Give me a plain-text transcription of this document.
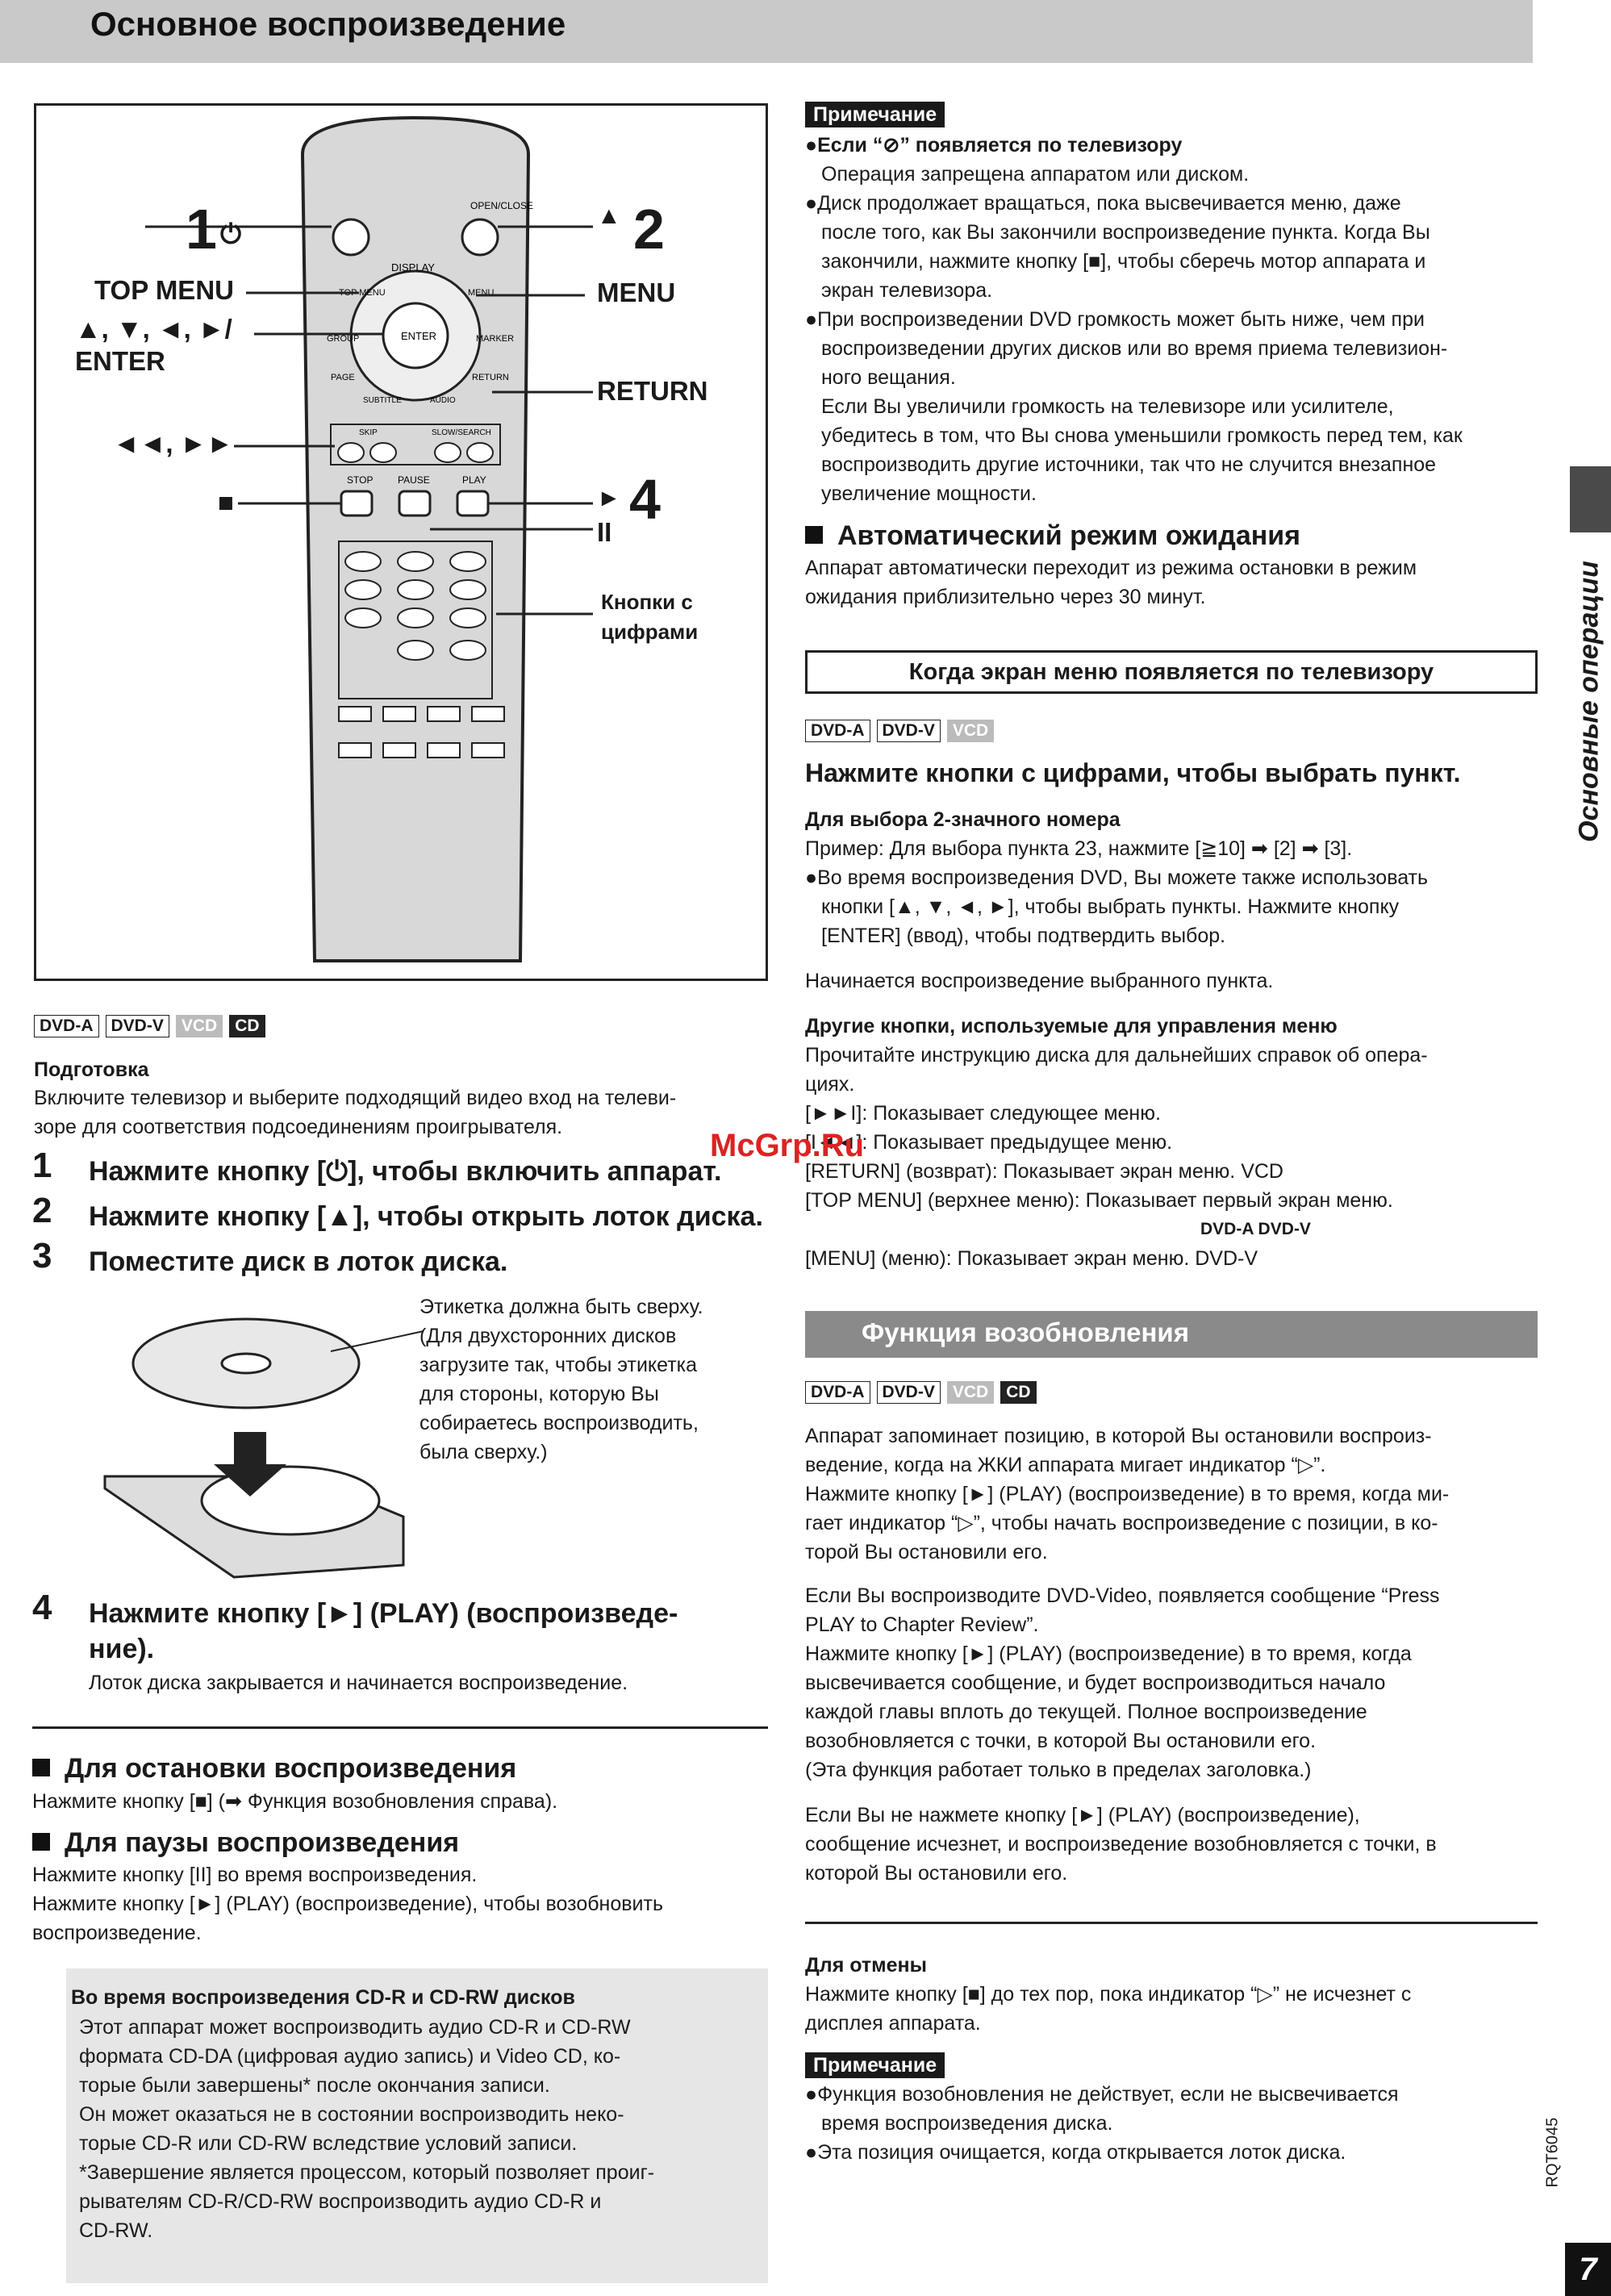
Основное воспроизведение
OPEN/CLOSE
ENTER
DISPLAY
TOP MENU	MENU
GROUP	MARKER
PAGE	RETURN
SUBTITLE	AUDIO
SKIP	SLOW/SEARCH
STOP	PAUSE	PLAY
1 ⏻
▲ 2
TOP MENU	MENU
▲, ▼, ◄, ►/
ENTER
RETURN
◄◄, ►►
■	► 4
II
Кнопки с
цифрами
DVD-A DVD-V VCD CD
Подготовка
Включите телевизор и выберите подходящий видео вход на телеви-
зоре для соответствия подсоединениям проигрывателя.
1 Нажмите кнопку [⏻], чтобы включить аппарат.
2 Нажмите кнопку [▲], чтобы открыть лоток диска.
3 Поместите диск в лоток диска.
Этикетка должна быть сверху.
(Для двухсторонних дисков
загрузите так, чтобы этикетка
для стороны, которую Вы
собираетесь воспроизводить,
была сверху.)
4 Нажмите кнопку [►] (PLAY) (воспроизведе-
ние).
Лоток диска закрывается и начинается воспроизведение.
Для остановки воспроизведения
Нажмите кнопку [■] (➡ Функция возобновления справа).
Для паузы воспроизведения
Нажмите кнопку [II] во время воспроизведения.
Нажмите кнопку [►] (PLAY) (воспроизведение), чтобы возобновить
воспроизведение.
Во время воспроизведения CD-R и CD-RW дисков
Этот аппарат может воспроизводить аудио CD-R и CD-RW
формата CD-DA (цифровая аудио запись) и Video CD, ко-
торые были завершены* после окончания записи.
Он может оказаться не в состоянии воспроизводить неко-
торые CD-R или CD-RW вследствие условий записи.
*Завершение является процессом, который позволяет проиг-
рывателям CD-R/CD-RW воспроизводить аудио CD-R и
CD-RW.
Примечание
●Если “⊘” появляется по телевизору
Операция запрещена аппаратом или диском.
●Диск продолжает вращаться, пока высвечивается меню, даже
после того, как Вы закончили воспроизведение пункта. Когда Вы
закончили, нажмите кнопку [■], чтобы сберечь мотор аппарата и
экран телевизора.
●При воспроизведении DVD громкость может быть ниже, чем при
воспроизведении других дисков или во время приема телевизион-
ного вещания.
Если Вы увеличили громкость на телевизоре или усилителе,
убедитесь в том, что Вы снова уменьшили громкость перед тем, как
воспроизводить другие источники, так что не случится внезапное
увеличение мощности.
Автоматический режим ожидания
Аппарат автоматически переходит из режима остановки в режим
ожидания приблизительно через 30 минут.
Когда экран меню появляется по телевизору
DVD-A DVD-V VCD
Нажмите кнопки с цифрами, чтобы выбрать пункт.
Для выбора 2-значного номера
Пример: Для выбора пункта 23, нажмите [≧10] ➡ [2] ➡ [3].
●Во время воспроизведения DVD, Вы можете также использовать
кнопки [▲, ▼, ◄, ►], чтобы выбрать пункты. Нажмите кнопку
[ENTER] (ввод), чтобы подтвердить выбор.
Начинается воспроизведение выбранного пункта.
Другие кнопки, используемые для управления меню
Прочитайте инструкцию диска для дальнейших справок об опера-
циях.
[►►I]: Показывает следующее меню.
[I◄◄]: Показывает предыдущее меню.
[RETURN] (возврат): Показывает экран меню. VCD
[TOP MENU] (верхнее меню): Показывает первый экран меню.
DVD-A DVD-V
[MENU] (меню): Показывает экран меню. DVD-V
Функция возобновления
DVD-A DVD-V VCD CD
Аппарат запоминает позицию, в которой Вы остановили воспроиз-
ведение, когда на ЖКИ аппарата мигает индикатор “▷”.
Нажмите кнопку [►] (PLAY) (воспроизведение) в то время, когда ми-
гает индикатор “▷”, чтобы начать воспроизведение с позиции, в ко-
торой Вы остановили его.
Если Вы воспроизводите DVD-Video, появляется сообщение “Press
PLAY to Chapter Review”.
Нажмите кнопку [►] (PLAY) (воспроизведение) в то время, когда
высвечивается сообщение, и будет воспроизводиться начало
каждой главы вплоть до текущей. Полное воспроизведение
возобновляется с точки, в которой Вы остановили его.
(Эта функция работает только в пределах заголовка.)
Если Вы не нажмете кнопку [►] (PLAY) (воспроизведение),
сообщение исчезнет, и воспроизведение возобновляется с точки, в
которой Вы остановили его.
Для отмены
Нажмите кнопку [■] до тех пор, пока индикатор “▷” не исчезнет с
дисплея аппарата.
Примечание
●Функция возобновления не действует, если не высвечивается
время воспроизведения диска.
●Эта позиция очищается, когда открывается лоток диска.
Основные операции
RQT6045
7
McGrp.Ru
